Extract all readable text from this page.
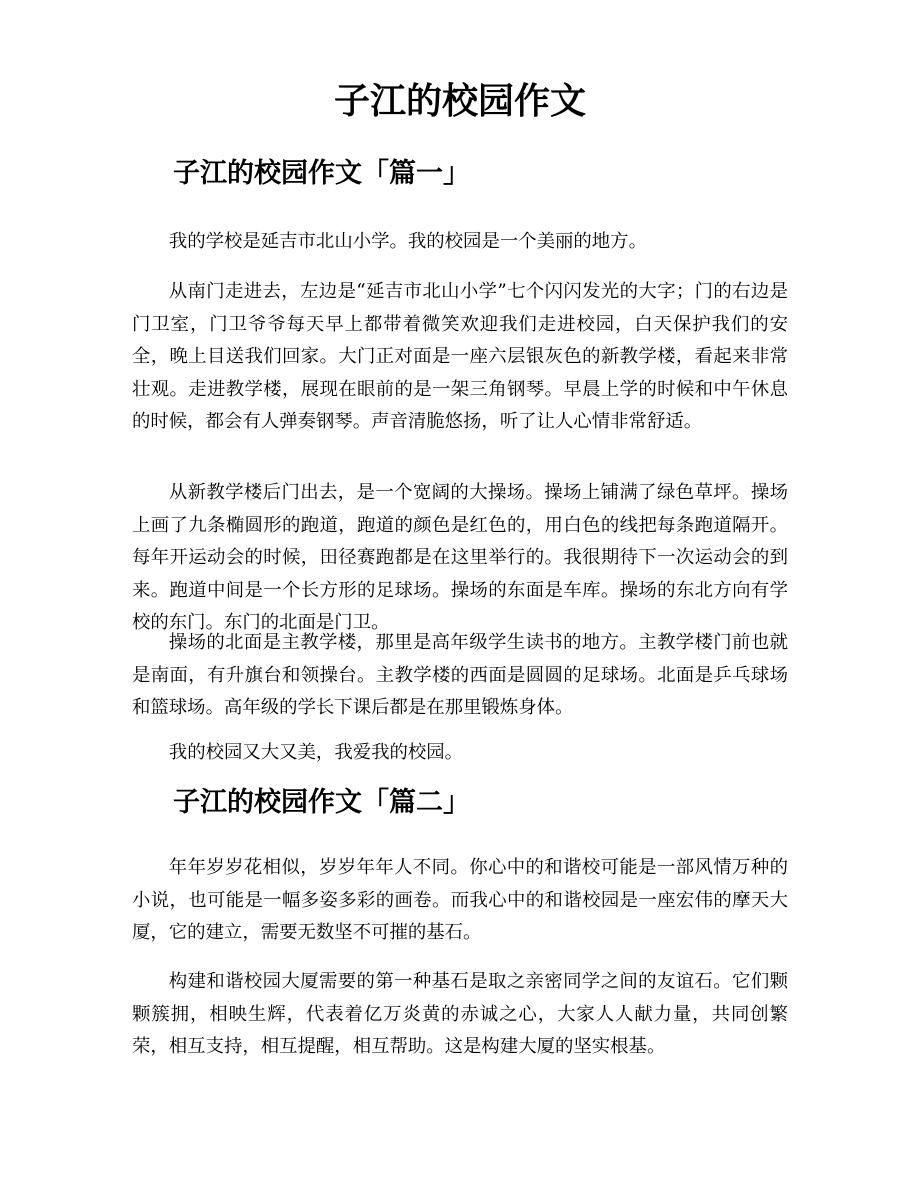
子江的校园作文
子江的校园作文「篇一」

我的学校是延吉市北山小学。我的校园是一个美丽的地方。

从南门走进去，左边是“延吉市北山小学”七个闪闪发光的大字；门的右边是门卫室，门卫爷爷每天早上都带着微笑欢迎我们走进校园，白天保护我们的安全，晚上目送我们回家。大门正对面是一座六层银灰色的新教学楼，看起来非常壮观。走进教学楼，展现在眼前的是一架三角钢琴。早晨上学的时候和中午休息的时候，都会有人弹奏钢琴。声音清脆悠扬，听了让人心情非常舒适。

从新教学楼后门出去，是一个宽阔的大操场。操场上铺满了绿色草坪。操场上画了九条椭圆形的跑道，跑道的颜色是红色的，用白色的线把每条跑道隔开。每年开运动会的时候，田径赛跑都是在这里举行的。我很期待下一次运动会的到来。跑道中间是一个长方形的足球场。操场的东面是车库。操场的东北方向有学校的东门。东门的北面是门卫。

操场的北面是主教学楼，那里是高年级学生读书的地方。主教学楼门前也就是南面，有升旗台和领操台。主教学楼的西面是圆圆的足球场。北面是乒乓球场和篮球场。高年级的学长下课后都是在那里锻炼身体。

我的校园又大又美，我爱我的校园。

子江的校园作文「篇二」

年年岁岁花相似，岁岁年年人不同。你心中的和谐校可能是一部风情万种的小说，也可能是一幅多姿多彩的画卷。而我心中的和谐校园是一座宏伟的摩天大厦，它的建立，需要无数坚不可摧的基石。

构建和谐校园大厦需要的第一种基石是取之亲密同学之间的友谊石。它们颗颗簇拥，相映生辉，代表着亿万炎黄的赤诚之心，大家人人献力量，共同创繁荣，相互支持，相互提醒，相互帮助。这是构建大厦的坚实根基。
